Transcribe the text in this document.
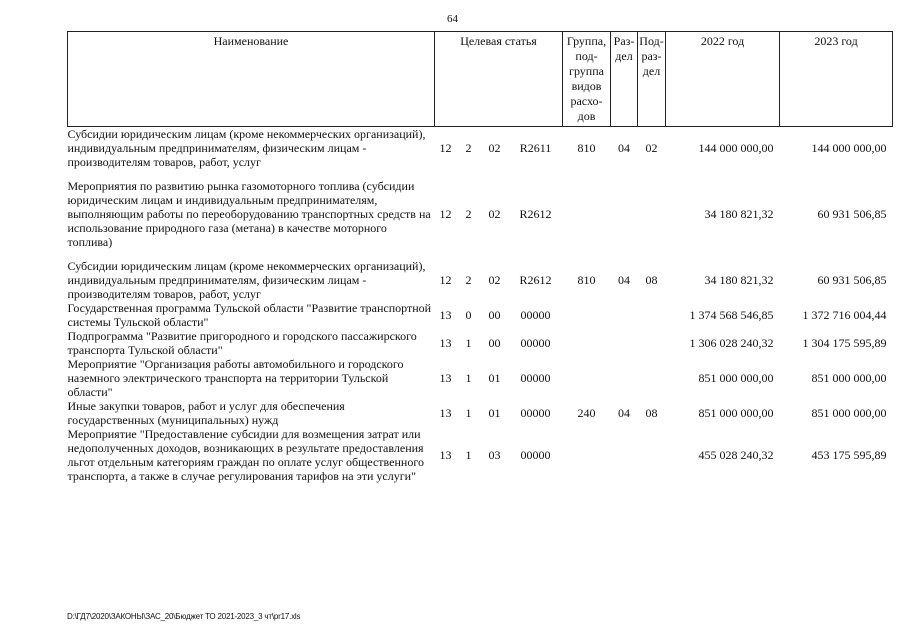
64
Наименование	Целевая статья				Группа, под- группа видов расхо- дов	Раз- дел	Под- раз- дел	2022 год	2023 год
Субсидии юридическим лицам (кроме некоммерческих организаций), индивидуальным предпринимателям, физическим лицам - производителям товаров, работ, услуг	12	2	02	R2611	810	04	02	144 000 000,00	144 000 000,00

Мероприятия по развитию рынка газомоторного топлива (субсидии юридическим лицам и индивидуальным предпринимателям, выполняющим работы по переоборудованию транспортных средств на использование природного газа (метана) в качестве моторного топлива)	12	2	02	R2612				34 180 821,32	60 931 506,85

Субсидии юридическим лицам (кроме некоммерческих организаций), индивидуальным предпринимателям, физическим лицам - производителям товаров, работ, услуг	12	2	02	R2612	810	04	08	34 180 821,32	60 931 506,85
Государственная программа Тульской области "Развитие транспортной системы Тульской области"	13	0	00	00000				1 374 568 546,85	1 372 716 004,44
Подпрограмма "Развитие пригородного и городского пассажирского транспорта Тульской области"	13	1	00	00000				1 306 028 240,32	1 304 175 595,89
Мероприятие "Организация работы автомобильного и городского наземного электрического транспорта на территории Тульской области"	13	1	01	00000				851 000 000,00	851 000 000,00
Иные закупки товаров, работ и услуг для обеспечения государственных (муниципальных) нужд	13	1	01	00000	240	04	08	851 000 000,00	851 000 000,00
Мероприятие "Предоставление субсидии для возмещения затрат или недополученных доходов, возникающих в результате предоставления льгот отдельным категориям граждан по оплате услуг общественного транспорта, а также в случае регулирования тарифов на эти услуги"	13	1	03	00000				455 028 240,32	453 175 595,89
D:\ГД7\2020\ЗАКОНЫ\ЗАС_20\Бюджет ТО 2021-2023_3 чт\pr17.xls
